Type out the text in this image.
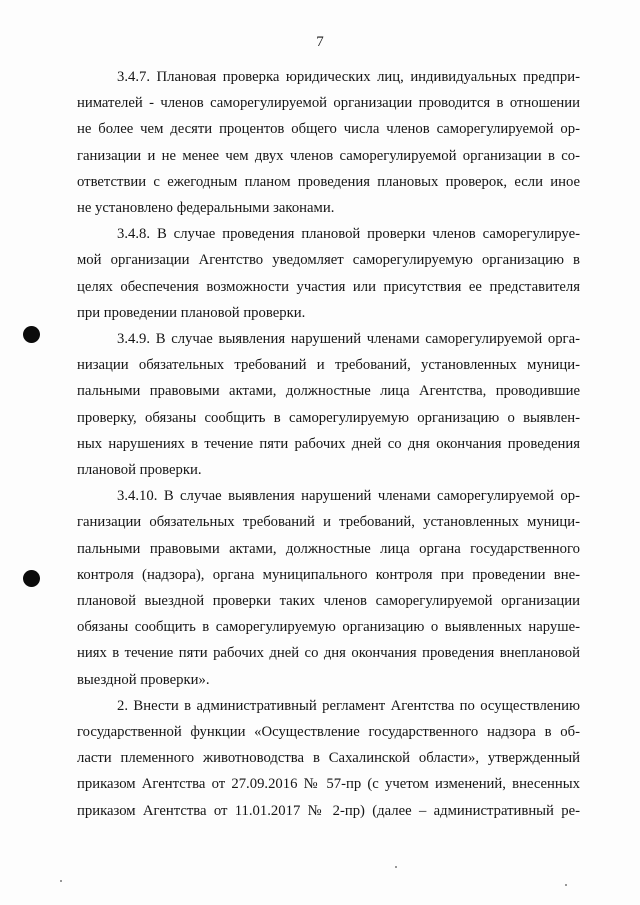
7
3.4.7. Плановая проверка юридических лиц, индивидуальных предпри-
нимателей - членов саморегулируемой организации проводится в отношении
не более чем десяти процентов общего числа членов саморегулируемой ор-
ганизации и не менее чем двух членов саморегулируемой организации в со-
ответствии с ежегодным планом проведения плановых проверок, если иное
не установлено федеральными законами.
3.4.8. В случае проведения плановой проверки членов саморегулируе-
мой организации Агентство уведомляет саморегулируемую организацию в
целях обеспечения возможности участия или присутствия ее представителя
при проведении плановой проверки.
3.4.9. В случае выявления нарушений членами саморегулируемой орга-
низации обязательных требований и требований, установленных муници-
пальными правовыми актами, должностные лица Агентства, проводившие
проверку, обязаны сообщить в саморегулируемую организацию о выявлен-
ных нарушениях в течение пяти рабочих дней со дня окончания проведения
плановой проверки.
3.4.10. В случае выявления нарушений членами саморегулируемой ор-
ганизации обязательных требований и требований, установленных муници-
пальными правовыми актами, должностные лица органа государственного
контроля (надзора), органа муниципального контроля при проведении вне-
плановой выездной проверки таких членов саморегулируемой организации
обязаны сообщить в саморегулируемую организацию о выявленных наруше-
ниях в течение пяти рабочих дней со дня окончания проведения внеплановой
выездной проверки».
2. Внести в административный регламент Агентства по осуществлению
государственной функции «Осуществление государственного надзора в об-
ласти племенного животноводства в Сахалинской области», утвержденный
приказом Агентства от 27.09.2016 № 57-пр (с учетом изменений, внесенных
приказом Агентства от 11.01.2017 № 2-пр) (далее – административный ре-
